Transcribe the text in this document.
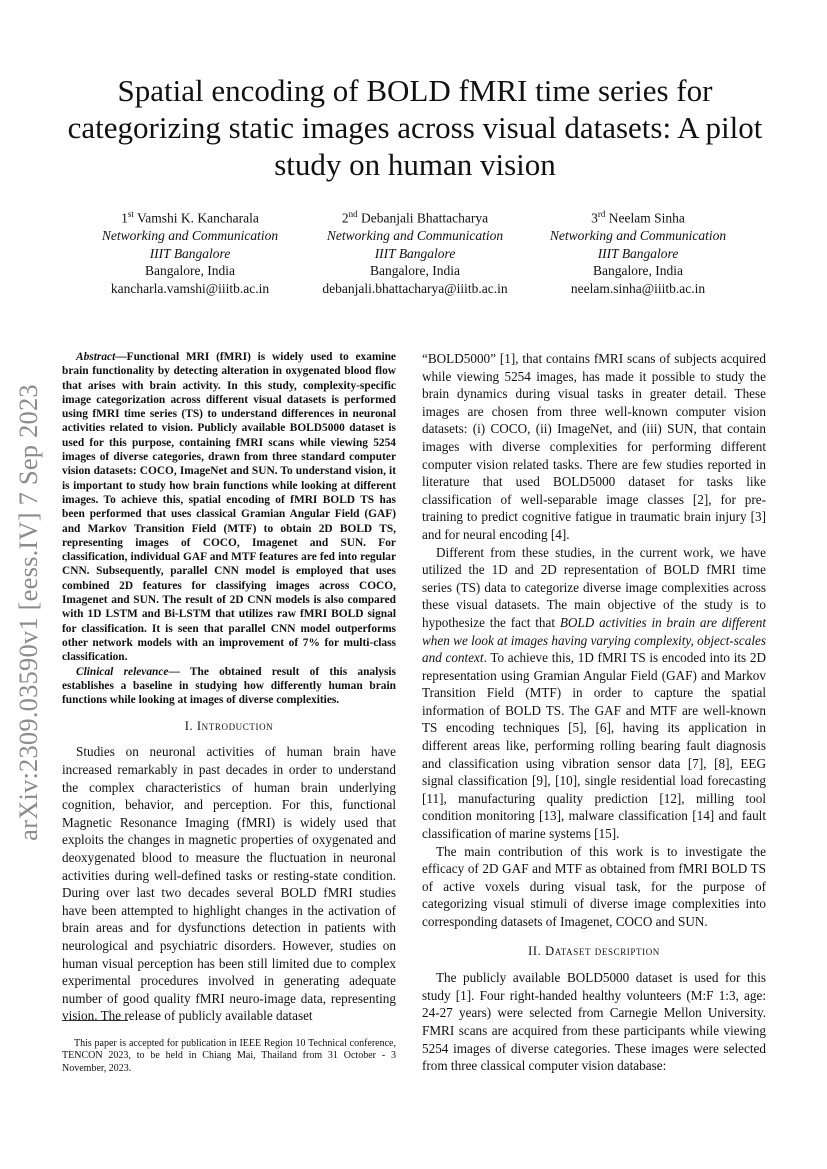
Spatial encoding of BOLD fMRI time series for categorizing static images across visual datasets: A pilot study on human vision
1st Vamshi K. Kancharala
Networking and Communication
IIIT Bangalore
Bangalore, India
kancharla.vamshi@iiitb.ac.in
2nd Debanjali Bhattacharya
Networking and Communication
IIIT Bangalore
Bangalore, India
debanjali.bhattacharya@iiitb.ac.in
3rd Neelam Sinha
Networking and Communication
IIIT Bangalore
Bangalore, India
neelam.sinha@iiitb.ac.in
arXiv:2309.03590v1 [eess.IV] 7 Sep 2023

Abstract—Functional MRI (fMRI) is widely used to examine brain functionality by detecting alteration in oxygenated blood flow that arises with brain activity. In this study, complexity-specific image categorization across different visual datasets is performed using fMRI time series (TS) to understand differences in neuronal activities related to vision. Publicly available BOLD5000 dataset is used for this purpose, containing fMRI scans while viewing 5254 images of diverse categories, drawn from three standard computer vision datasets: COCO, ImageNet and SUN. To understand vision, it is important to study how brain functions while looking at different images. To achieve this, spatial encoding of fMRI BOLD TS has been performed that uses classical Gramian Angular Field (GAF) and Markov Transition Field (MTF) to obtain 2D BOLD TS, representing images of COCO, Imagenet and SUN. For classification, individual GAF and MTF features are fed into regular CNN. Subsequently, parallel CNN model is employed that uses combined 2D features for classifying images across COCO, Imagenet and SUN. The result of 2D CNN models is also compared with 1D LSTM and Bi-LSTM that utilizes raw fMRI BOLD signal for classification. It is seen that parallel CNN model outperforms other network models with an improvement of 7% for multi-class classification.

Clinical relevance— The obtained result of this analysis establishes a baseline in studying how differently human brain functions while looking at images of diverse complexities.

I. Introduction

Studies on neuronal activities of human brain have increased remarkably in past decades in order to understand the complex characteristics of human brain underlying cognition, behavior, and perception. For this, functional Magnetic Resonance Imaging (fMRI) is widely used that exploits the changes in magnetic properties of oxygenated and deoxygenated blood to measure the fluctuation in neuronal activities during well-defined tasks or resting-state condition. During over last two decades several BOLD fMRI studies have been attempted to highlight changes in the activation of brain areas and for dysfunctions detection in patients with neurological and psychiatric disorders. However, studies on human visual perception has been still limited due to complex experimental procedures involved in generating adequate number of good quality fMRI neuro-image data, representing vision. The release of publicly available dataset

This paper is accepted for publication in IEEE Region 10 Technical conference, TENCON 2023, to be held in Chiang Mai, Thailand from 31 October - 3 November, 2023.

“BOLD5000” [1], that contains fMRI scans of subjects acquired while viewing 5254 images, has made it possible to study the brain dynamics during visual tasks in greater detail. These images are chosen from three well-known computer vision datasets: (i) COCO, (ii) ImageNet, and (iii) SUN, that contain images with diverse complexities for performing different computer vision related tasks. There are few studies reported in literature that used BOLD5000 dataset for tasks like classification of well-separable image classes [2], for pre-training to predict cognitive fatigue in traumatic brain injury [3] and for neural encoding [4].

Different from these studies, in the current work, we have utilized the 1D and 2D representation of BOLD fMRI time series (TS) data to categorize diverse image complexities across these visual datasets. The main objective of the study is to hypothesize the fact that BOLD activities in brain are different when we look at images having varying complexity, object-scales and context. To achieve this, 1D fMRI TS is encoded into its 2D representation using Gramian Angular Field (GAF) and Markov Transition Field (MTF) in order to capture the spatial information of BOLD TS. The GAF and MTF are well-known TS encoding techniques [5], [6], having its application in different areas like, performing rolling bearing fault diagnosis and classification using vibration sensor data [7], [8], EEG signal classification [9], [10], single residential load forecasting [11], manufacturing quality prediction [12], milling tool condition monitoring [13], malware classification [14] and fault classification of marine systems [15].

The main contribution of this work is to investigate the efficacy of 2D GAF and MTF as obtained from fMRI BOLD TS of active voxels during visual task, for the purpose of categorizing visual stimuli of diverse image complexities into corresponding datasets of Imagenet, COCO and SUN.

II. Dataset description

The publicly available BOLD5000 dataset is used for this study [1]. Four right-handed healthy volunteers (M:F 1:3, age: 24-27 years) were selected from Carnegie Mellon University. FMRI scans are acquired from these participants while viewing 5254 images of diverse categories. These images were selected from three classical computer vision database:
